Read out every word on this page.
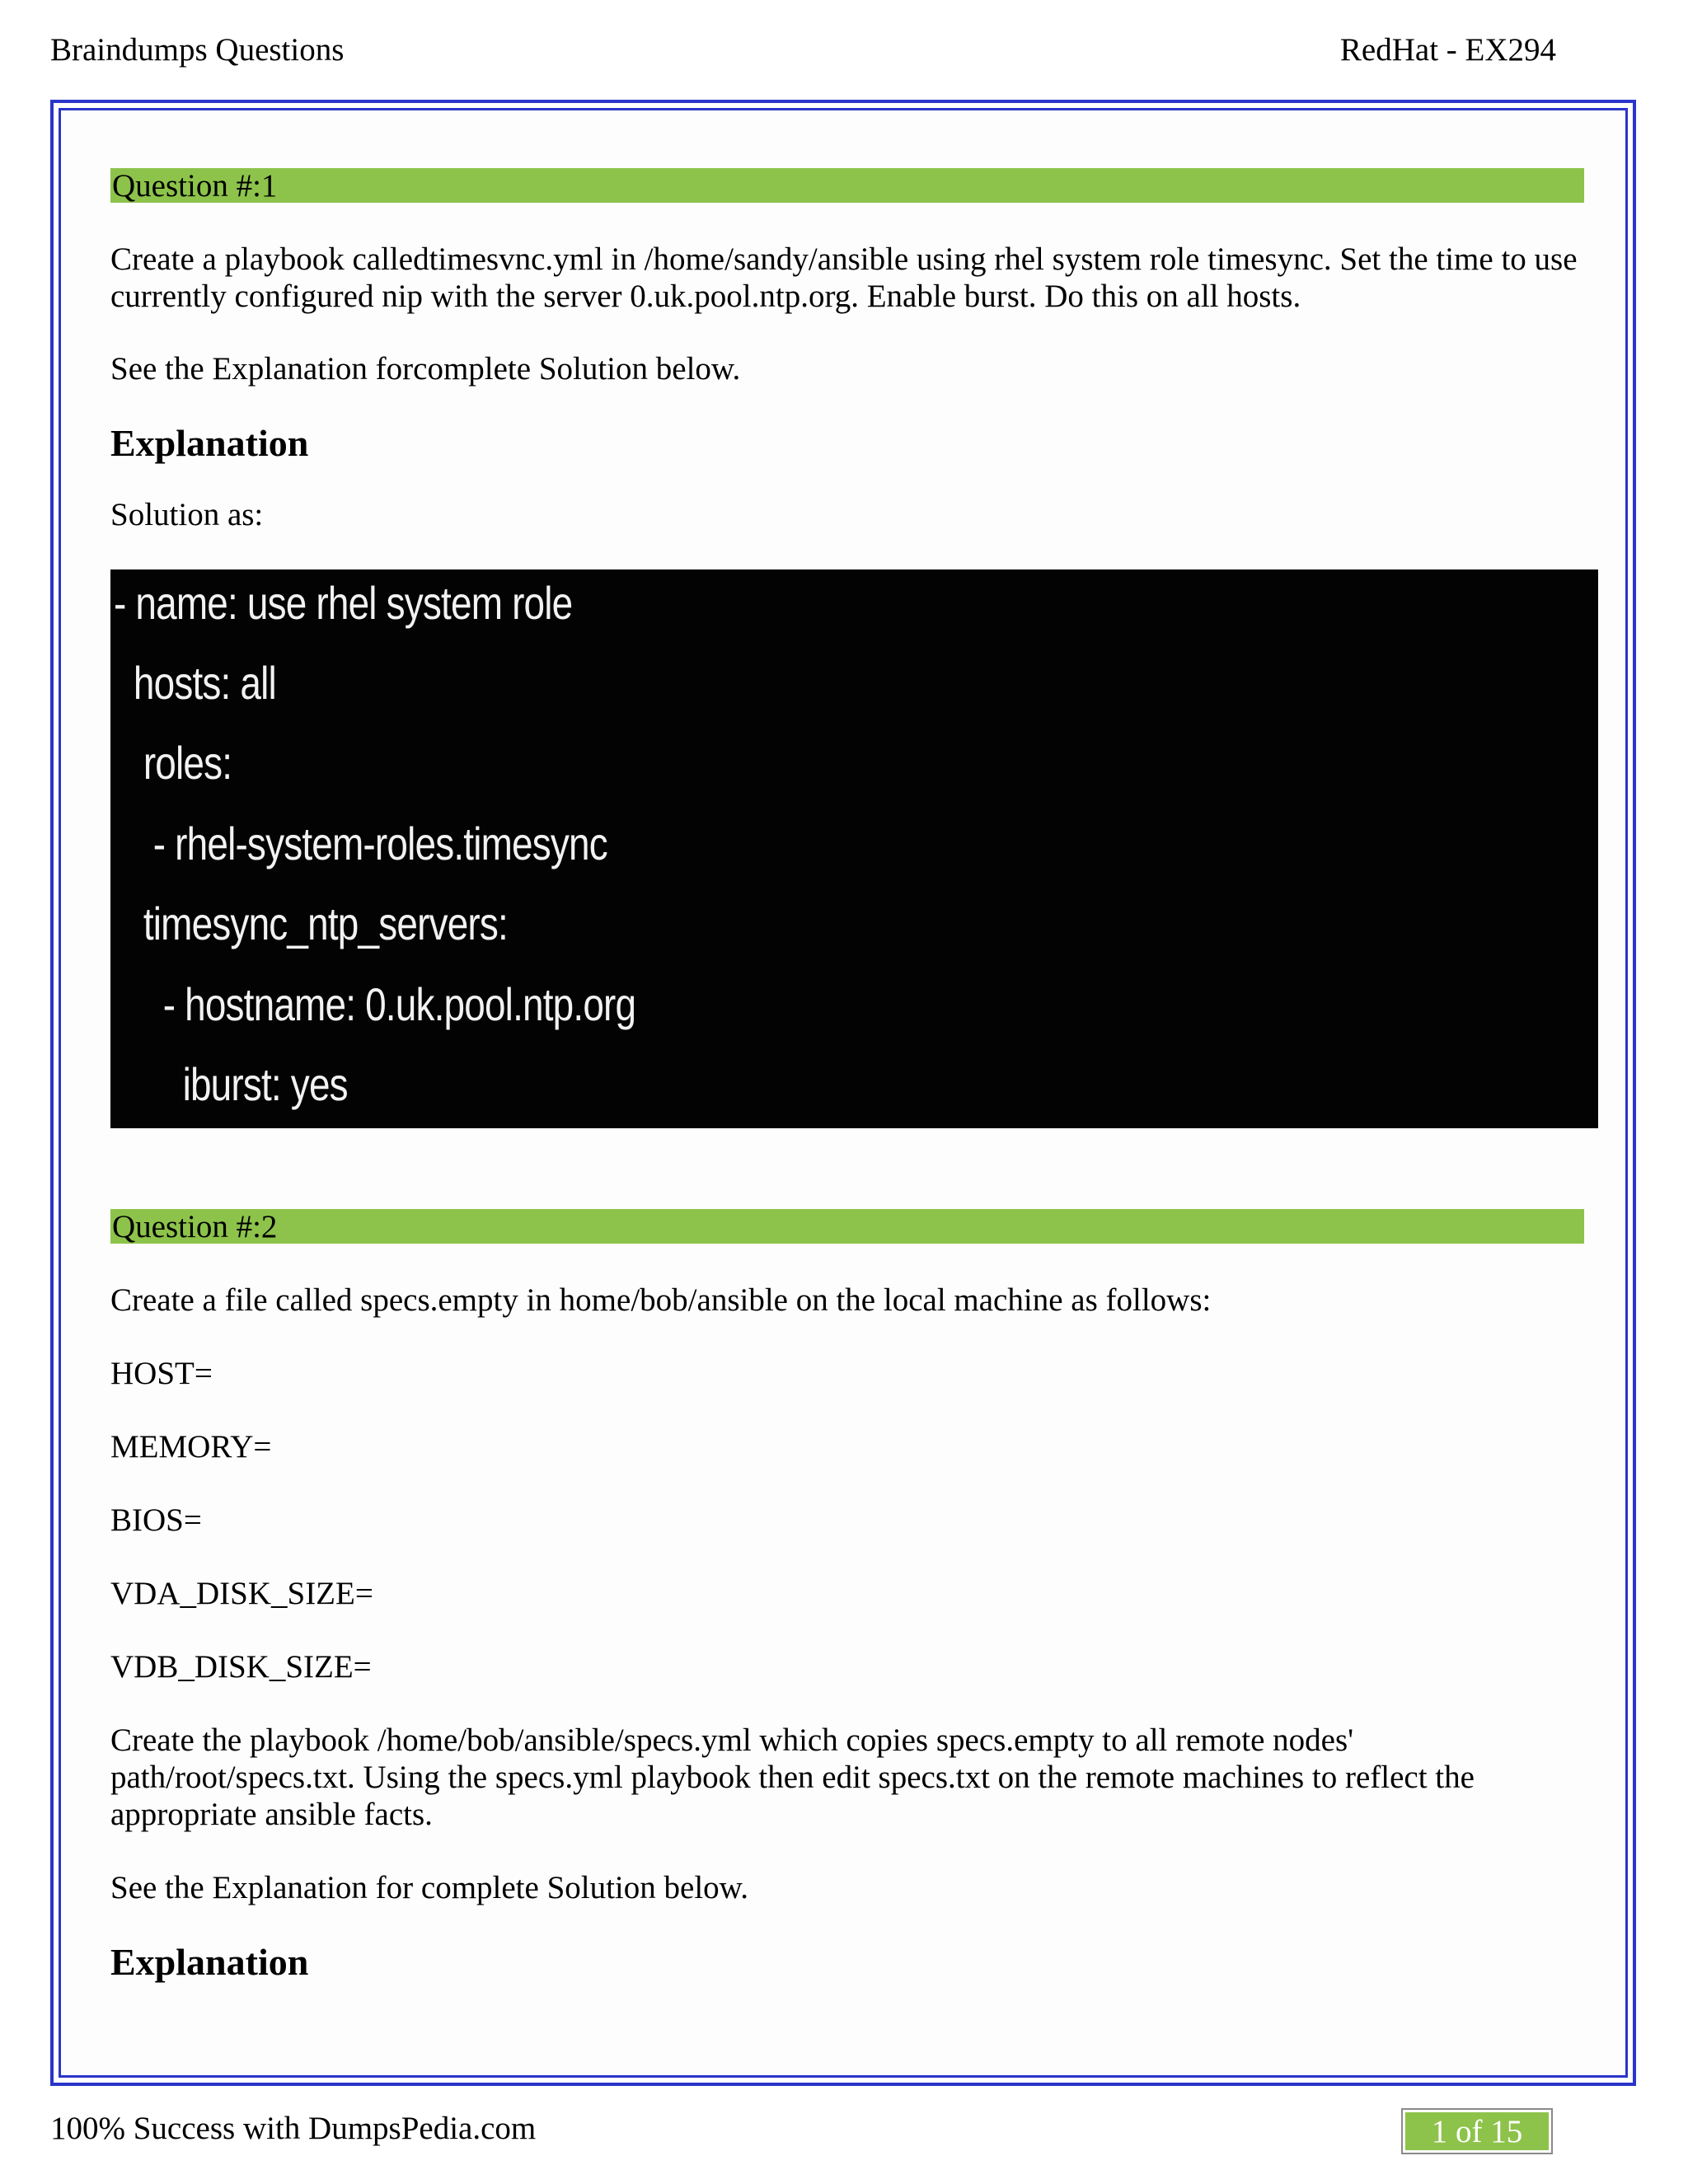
Braindumps Questions	RedHat - EX294
Question #:1

Create a playbook calledtimesvnc.yml in /home/sandy/ansible using rhel system role timesync. Set the time to use currently configured nip with the server 0.uk.pool.ntp.org. Enable burst. Do this on all hosts.

See the Explanation forcomplete Solution below.

Explanation

Solution as:

- name: use rhel system role
hosts: all
roles:
- rhel-system-roles.timesync
timesync_ntp_servers:
- hostname: 0.uk.pool.ntp.org
iburst: yes
Question #:2

Create a file called specs.empty in home/bob/ansible on the local machine as follows:

HOST=

MEMORY=

BIOS=

VDA_DISK_SIZE=

VDB_DISK_SIZE=

Create the playbook /home/bob/ansible/specs.yml which copies specs.empty to all remote nodes' path/root/specs.txt. Using the specs.yml playbook then edit specs.txt on the remote machines to reflect the appropriate ansible facts.

See the Explanation for complete Solution below.

Explanation
100% Success with DumpsPedia.com	1 of 15
